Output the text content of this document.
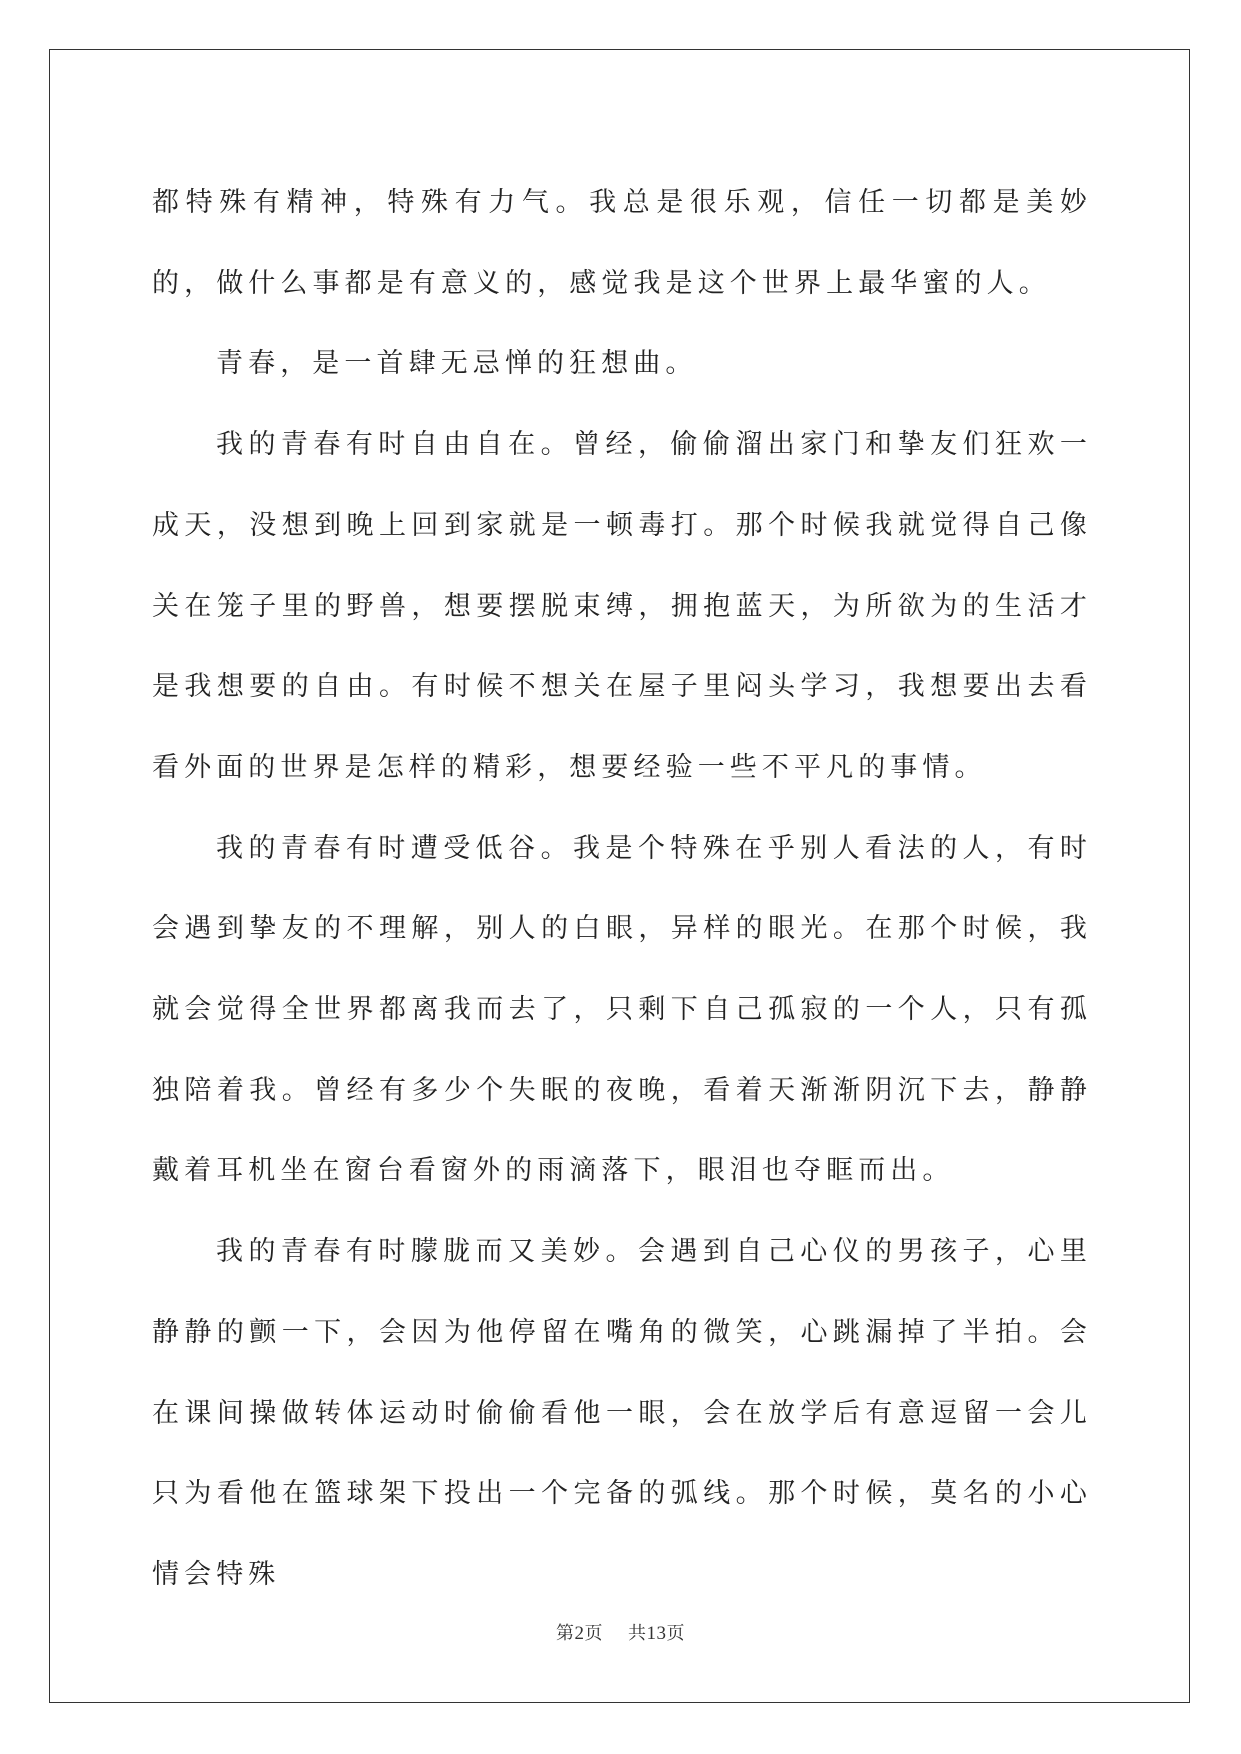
都特殊有精神，特殊有力气。我总是很乐观，信任一切都是美妙的，做什么事都是有意义的，感觉我是这个世界上最华蜜的人。

青春，是一首肆无忌惮的狂想曲。

我的青春有时自由自在。曾经，偷偷溜出家门和挚友们狂欢一成天，没想到晚上回到家就是一顿毒打。那个时候我就觉得自己像关在笼子里的野兽，想要摆脱束缚，拥抱蓝天，为所欲为的生活才是我想要的自由。有时候不想关在屋子里闷头学习，我想要出去看看外面的世界是怎样的精彩，想要经验一些不平凡的事情。

我的青春有时遭受低谷。我是个特殊在乎别人看法的人，有时会遇到挚友的不理解，别人的白眼，异样的眼光。在那个时候，我就会觉得全世界都离我而去了，只剩下自己孤寂的一个人，只有孤独陪着我。曾经有多少个失眠的夜晚，看着天渐渐阴沉下去，静静戴着耳机坐在窗台看窗外的雨滴落下，眼泪也夺眶而出。

我的青春有时朦胧而又美妙。会遇到自己心仪的男孩子，心里静静的颤一下，会因为他停留在嘴角的微笑，心跳漏掉了半拍。会在课间操做转体运动时偷偷看他一眼，会在放学后有意逗留一会儿只为看他在篮球架下投出一个完备的弧线。那个时候，莫名的小心情会特殊

第2页 共13页
